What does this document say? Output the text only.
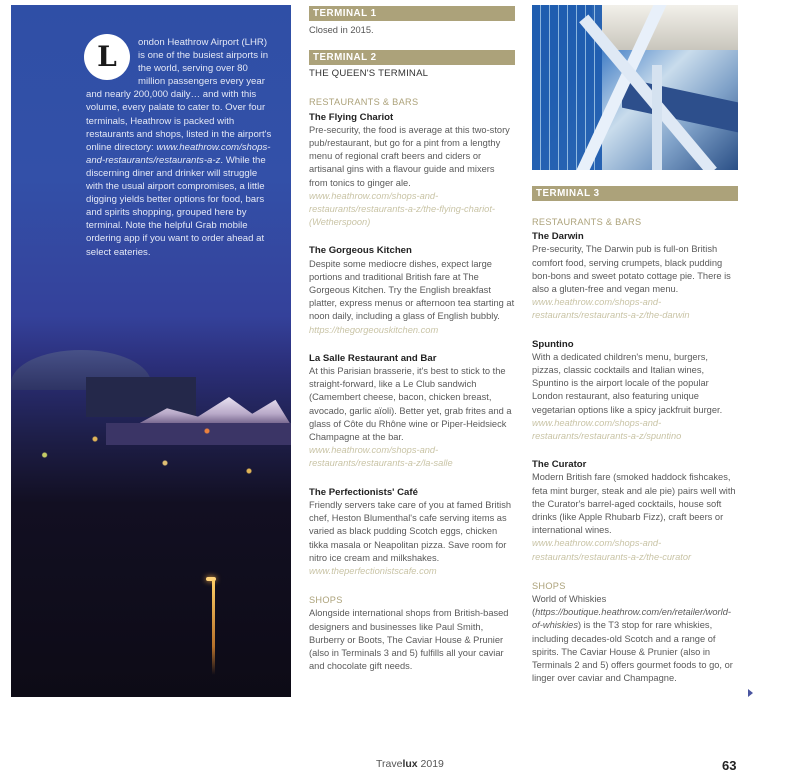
L	ondon Heathrow Airport (LHR) is one of the busiest airports in the world, serving over 80 million passengers every year and nearly 200,000 daily… and with this volume, every palate to cater to. Over four terminals, Heathrow is packed with restaurants and shops, listed in the airport's online directory: www.heathrow.com/shops-and-restaurants/restaurants-a-z. While the discerning diner and drinker will struggle with the usual airport compromises, a little digging yields better options for food, bars and spirits shopping, grouped here by terminal. Note the helpful Grab mobile ordering app if you want to order ahead at select eateries.
TERMINAL 1
Closed in 2015.
TERMINAL 2
THE QUEEN'S TERMINAL
RESTAURANTS & BARS
The Flying Chariot
Pre-security, the food is average at this two-story pub/restaurant, but go for a pint from a lengthy menu of regional craft beers and ciders or artisanal gins with a flavour guide and mixers from tonics to ginger ale.
www.heathrow.com/shops-and-restaurants/restaurants-a-z/the-flying-chariot-(Wetherspoon)
The Gorgeous Kitchen
Despite some mediocre dishes, expect large portions and traditional British fare at The Gorgeous Kitchen. Try the English breakfast platter, express menus or afternoon tea starting at noon daily, including a glass of English bubbly.
https://thegorgeouskitchen.com
La Salle Restaurant and Bar
At this Parisian brasserie, it's best to stick to the straight-forward, like a Le Club sandwich (Camembert cheese, bacon, chicken breast, avocado, garlic aïoli). Better yet, grab frites and a glass of Côte du Rhône wine or Piper-Heidsieck Champagne at the bar.
www.heathrow.com/shops-and-restaurants/restaurants-a-z/la-salle
The Perfectionists' Café
Friendly servers take care of you at famed British chef, Heston Blumenthal's cafe serving items as varied as black pudding Scotch eggs, chicken tikka masala or Neapolitan pizza. Save room for nitro ice cream and milkshakes.
www.theperfectionistscafe.com
SHOPS
Alongside international shops from British-based designers and businesses like Paul Smith, Burberry or Boots, The Caviar House & Prunier (also in Terminals 3 and 5) fulfills all your caviar and chocolate gift needs.
TERMINAL 3
RESTAURANTS & BARS
The Darwin
Pre-security, The Darwin pub is full-on British comfort food, serving crumpets, black pudding bon-bons and sweet potato cottage pie. There is also a gluten-free and vegan menu.
www.heathrow.com/shops-and-restaurants/restaurants-a-z/the-darwin
Spuntino
With a dedicated children's menu, burgers, pizzas, classic cocktails and Italian wines, Spuntino is the airport locale of the popular London restaurant, also featuring unique vegetarian options like a spicy jackfruit burger.
www.heathrow.com/shops-and-restaurants/restaurants-a-z/spuntino
The Curator
Modern British fare (smoked haddock fishcakes, feta mint burger, steak and ale pie) pairs well with the Curator's barrel-aged cocktails, house soft drinks (like Apple Rhubarb Fizz), craft beers or international wines.
www.heathrow.com/shops-and-restaurants/restaurants-a-z/the-curator
SHOPS
World of Whiskies (https://boutique.heathrow.com/en/retailer/world-of-whiskies) is the T3 stop for rare whiskies, including decades-old Scotch and a range of spirits. The Caviar House & Prunier (also in Terminals 2 and 5) offers gourmet foods to go, or linger over caviar and Champagne.
Travelux 2019	63
